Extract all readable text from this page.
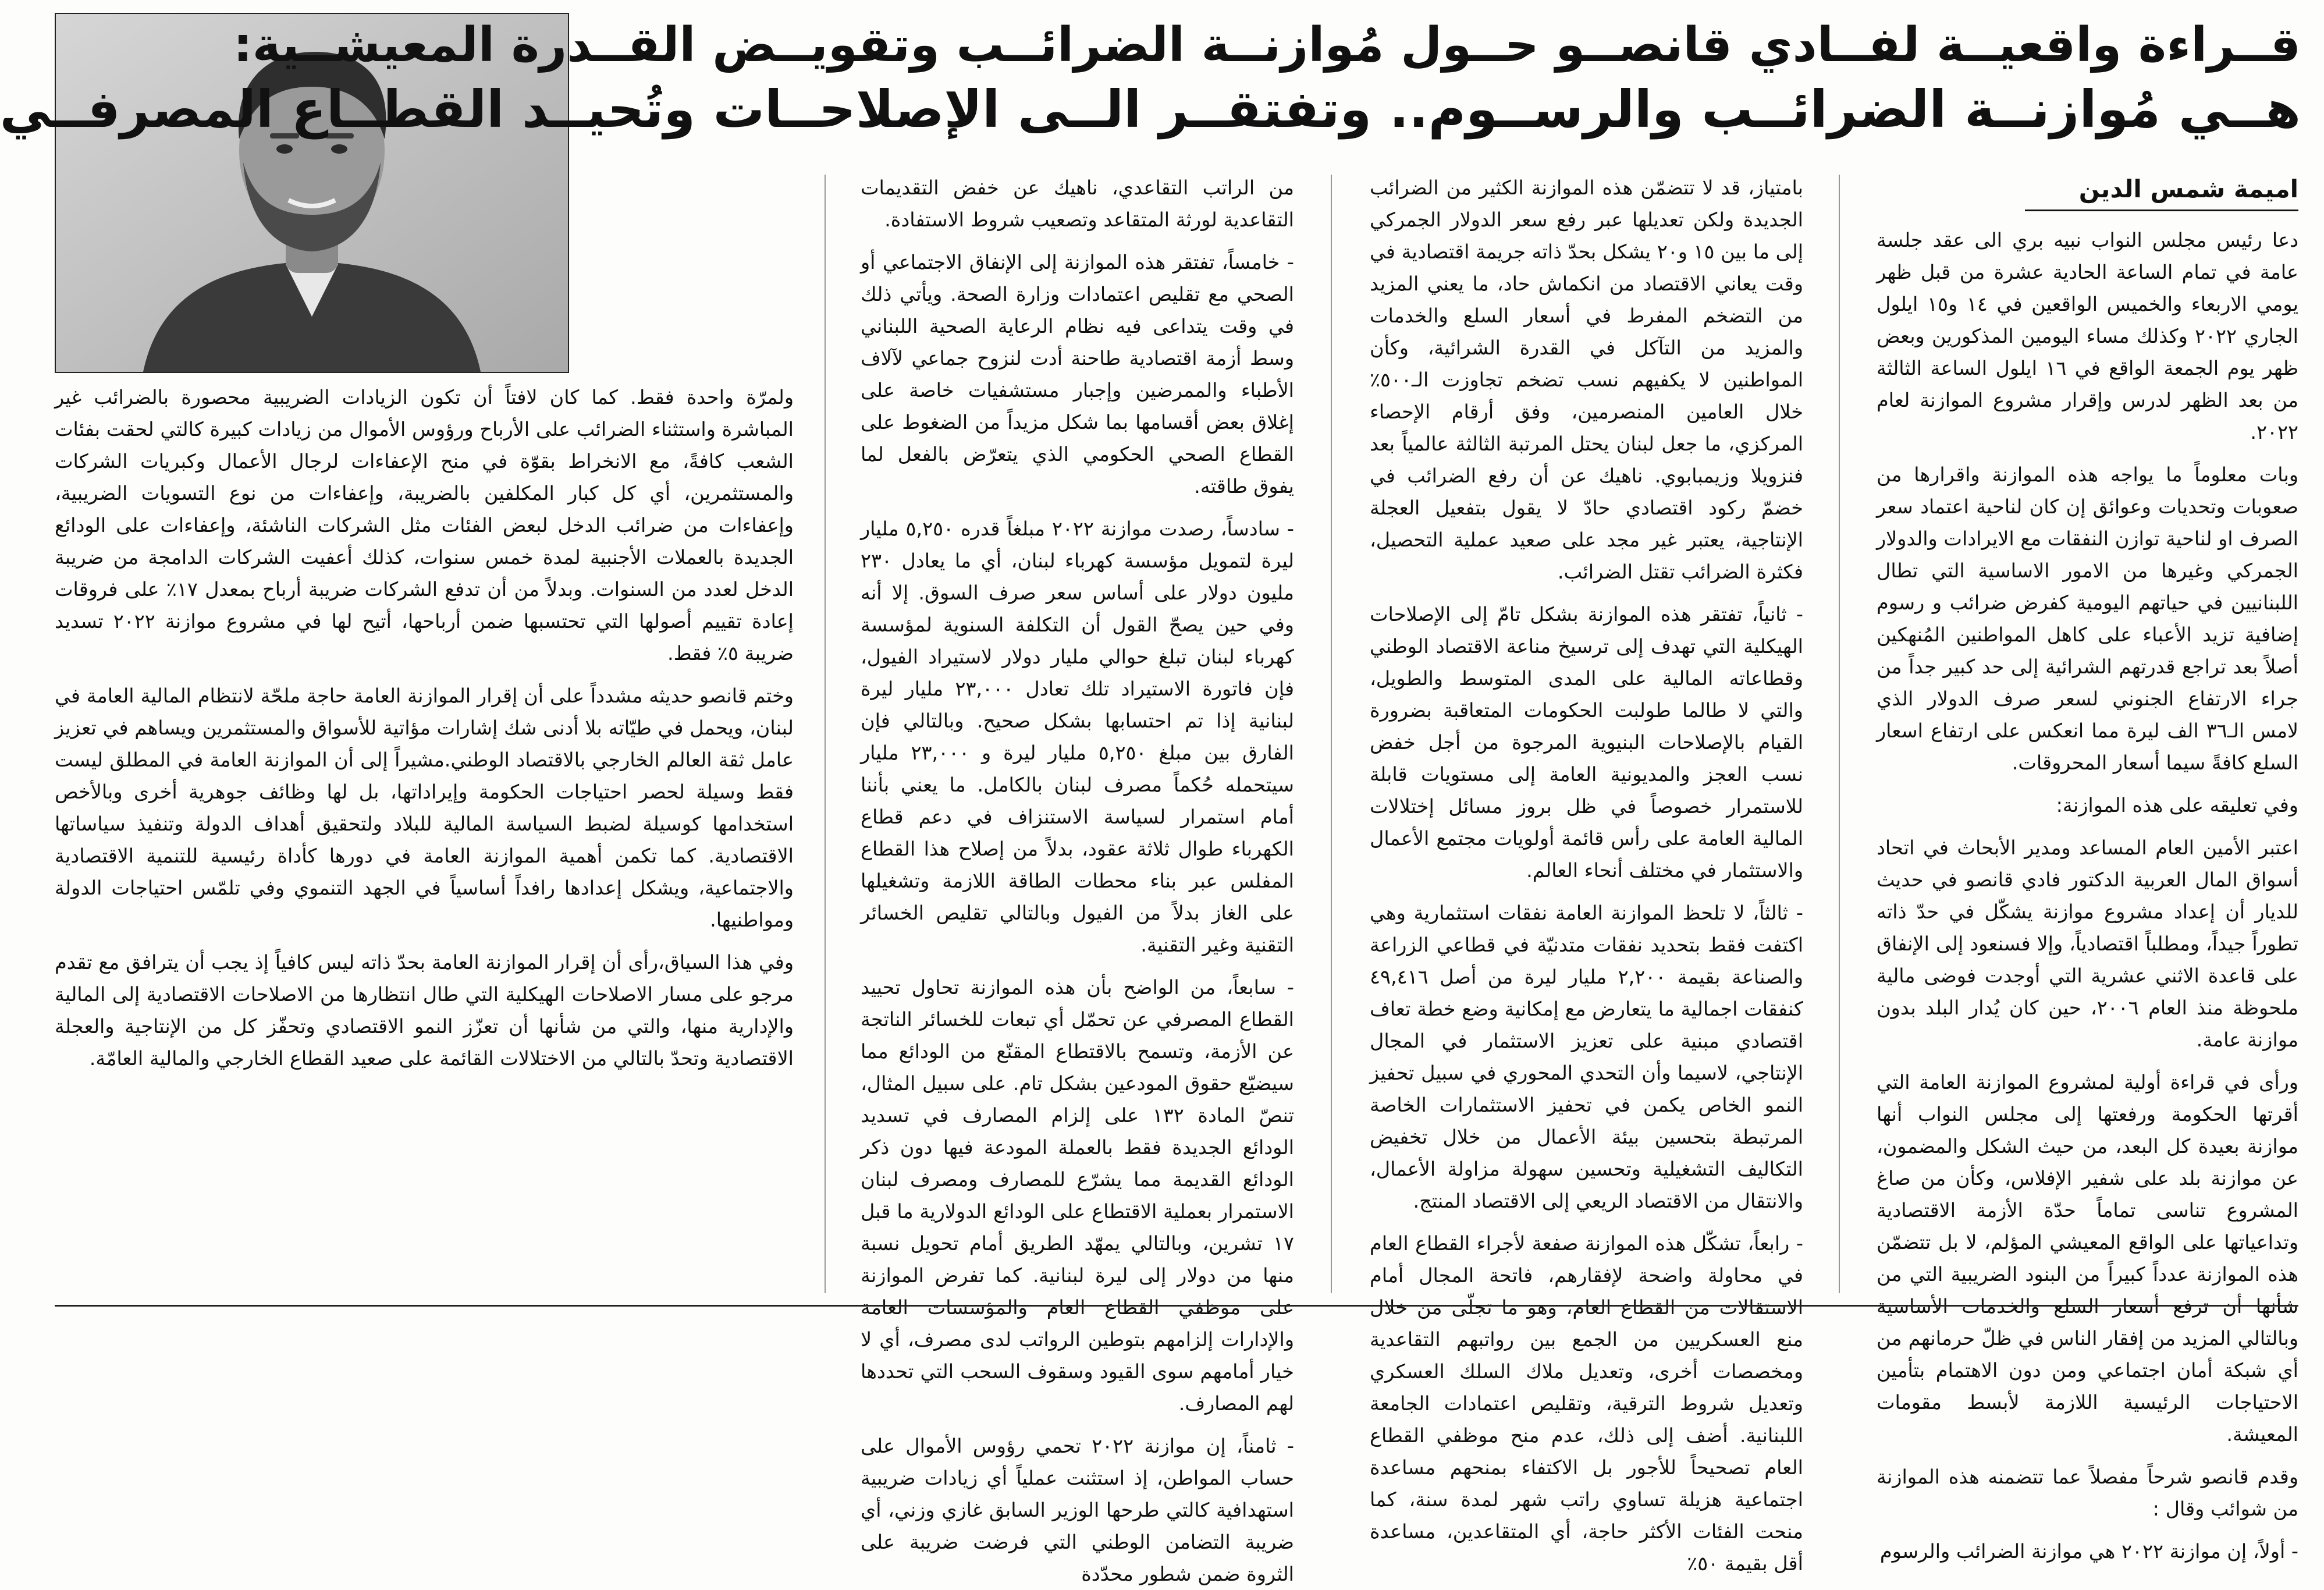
قــراءة واقعيــة لفــادي قانصــو حــول مُوازنــة الضرائــب وتقويــض القــدرة المعيشــية:
هــي مُوازنــة الضرائــب والرســوم.. وتفتقــر الــى الإصلاحــات وتُحيــد القطــاع المصرفــي
اميمة شمس الدين

دعا رئيس مجلس النواب نبيه بري الى عقد جلسة عامة في تمام الساعة الحادية عشرة من قبل ظهر يومي الاربعاء والخميس الواقعين في ١٤ و١٥ ايلول الجاري ٢٠٢٢ وكذلك مساء اليومين المذكورين وبعض ظهر يوم الجمعة الواقع في ١٦ ايلول الساعة الثالثة من بعد الظهر لدرس وإقرار مشروع الموازنة لعام ٢٠٢٢.

وبات معلوماً ما يواجه هذه الموازنة واقرارها من صعوبات وتحديات وعوائق إن كان لناحية اعتماد سعر الصرف او لناحية توازن النفقات مع الايرادات والدولار الجمركي وغيرها من الامور الاساسية التي تطال اللبنانيين في حياتهم اليومية كفرض ضرائب و رسوم إضافية تزيد الأعباء على كاهل المواطنين المُنهكين أصلاً بعد تراجع قدرتهم الشرائية إلى حد كبير جداً من جراء الارتفاع الجنوني لسعر صرف الدولار الذي لامس الـ٣٦ الف ليرة مما انعكس على ارتفاع اسعار السلع كافةً سيما أسعار المحروقات.

وفي تعليقه على هذه الموازنة:

اعتبر الأمين العام المساعد ومدير الأبحاث في اتحاد أسواق المال العربية الدكتور فادي قانصو في حديث للديار أن إعداد مشروع موازنة يشكّل في حدّ ذاته تطوراً جيداً، ومطلباً اقتصادياً، وإلا فسنعود إلى الإنفاق على قاعدة الاثني عشرية التي أوجدت فوضى مالية ملحوظة منذ العام ٢٠٠٦، حين كان يُدار البلد بدون موازنة عامة.

ورأى في قراءة أولية لمشروع الموازنة العامة التي أقرتها الحكومة ورفعتها إلى مجلس النواب أنها موازنة بعيدة كل البعد، من حيث الشكل والمضمون، عن موازنة بلد على شفير الإفلاس، وكأن من صاغ المشروع تناسى تماماً حدّة الأزمة الاقتصادية وتداعياتها على الواقع المعيشي المؤلم، لا بل تتضمّن هذه الموازنة عدداً كبيراً من البنود الضريبية التي من شأنها أن ترفع أسعار السلع والخدمات الأساسية وبالتالي المزيد من إفقار الناس في ظلّ حرمانهم من أي شبكة أمان اجتماعي ومن دون الاهتمام بتأمين الاحتياجات الرئيسية اللازمة لأبسط مقومات المعيشة.

وقدم قانصو شرحاً مفصلاً عما تتضمنه هذه الموازنة من شوائب وقال :

- أولاً، إن موازنة ٢٠٢٢ هي موازنة الضرائب والرسوم

بامتياز، قد لا تتضمّن هذه الموازنة الكثير من الضرائب الجديدة ولكن تعديلها عبر رفع سعر الدولار الجمركي إلى ما بين ١٥ و٢٠ يشكل بحدّ ذاته جريمة اقتصادية في وقت يعاني الاقتصاد من انكماش حاد، ما يعني المزيد من التضخم المفرط في أسعار السلع والخدمات والمزيد من التآكل في القدرة الشرائية، وكأن المواطنين لا يكفيهم نسب تضخم تجاوزت الـ٥٠٠٪ خلال العامين المنصرمين، وفق أرقام الإحصاء المركزي، ما جعل لبنان يحتل المرتبة الثالثة عالمياً بعد فنزويلا وزيمبابوي. ناهيك عن أن رفع الضرائب في خضمّ ركود اقتصادي حادّ لا يقول بتفعيل العجلة الإنتاجية، يعتبر غير مجد على صعيد عملية التحصيل، فكثرة الضرائب تقتل الضرائب.

- ثانياً، تفتقر هذه الموازنة بشكل تامّ إلى الإصلاحات الهيكلية التي تهدف إلى ترسيخ مناعة الاقتصاد الوطني وقطاعاته المالية على المدى المتوسط والطويل، والتي لا طالما طولبت الحكومات المتعاقبة بضرورة القيام بالإصلاحات البنيوية المرجوة من أجل خفض نسب العجز والمديونية العامة إلى مستويات قابلة للاستمرار خصوصاً في ظل بروز مسائل إختلالات المالية العامة على رأس قائمة أولويات مجتمع الأعمال والاستثمار في مختلف أنحاء العالم.

- ثالثاً، لا تلحظ الموازنة العامة نفقات استثمارية وهي اكتفت فقط بتحديد نفقات متدنيّة في قطاعي الزراعة والصناعة بقيمة ٢,٢٠٠ مليار ليرة من أصل ٤٩,٤١٦ كنفقات اجمالية ما يتعارض مع إمكانية وضع خطة تعاف اقتصادي مبنية على تعزيز الاستثمار في المجال الإنتاجي، لاسيما وأن التحدي المحوري في سبيل تحفيز النمو الخاص يكمن في تحفيز الاستثمارات الخاصة المرتبطة بتحسين بيئة الأعمال من خلال تخفيض التكاليف التشغيلية وتحسين سهولة مزاولة الأعمال، والانتقال من الاقتصاد الريعي إلى الاقتصاد المنتج.

- رابعاً، تشكّل هذه الموازنة صفعة لأجراء القطاع العام في محاولة واضحة لإفقارهم، فاتحة المجال أمام الاستقالات من القطاع العام، وهو ما تجلّى من خلال منع العسكريين من الجمع بين رواتبهم التقاعدية ومخصصات أخرى، وتعديل ملاك السلك العسكري وتعديل شروط الترقية، وتقليص اعتمادات الجامعة اللبنانية. أضف إلى ذلك، عدم منح موظفي القطاع العام تصحيحاً للأجور بل الاكتفاء بمنحهم مساعدة اجتماعية هزيلة تساوي راتب شهر لمدة سنة، كما منحت الفئات الأكثر حاجة، أي المتقاعدين، مساعدة أقل بقيمة ٥٠٪

من الراتب التقاعدي، ناهيك عن خفض التقديمات التقاعدية لورثة المتقاعد وتصعيب شروط الاستفادة.

- خامساً، تفتقر هذه الموازنة إلى الإنفاق الاجتماعي أو الصحي مع تقليص اعتمادات وزارة الصحة. ويأتي ذلك في وقت يتداعى فيه نظام الرعاية الصحية اللبناني وسط أزمة اقتصادية طاحنة أدت لنزوح جماعي لآلاف الأطباء والممرضين وإجبار مستشفيات خاصة على إغلاق بعض أقسامها بما شكل مزيداً من الضغوط على القطاع الصحي الحكومي الذي يتعرّض بالفعل لما يفوق طاقته.

- سادساً، رصدت موازنة ٢٠٢٢ مبلغاً قدره ٥,٢٥٠ مليار ليرة لتمويل مؤسسة كهرباء لبنان، أي ما يعادل ٢٣٠ مليون دولار على أساس سعر صرف السوق. إلا أنه وفي حين يصحّ القول أن التكلفة السنوية لمؤسسة كهرباء لبنان تبلغ حوالي مليار دولار لاستيراد الفيول، فإن فاتورة الاستيراد تلك تعادل ٢٣,٠٠٠ مليار ليرة لبنانية إذا تم احتسابها بشكل صحيح. وبالتالي فإن الفارق بين مبلغ ٥,٢٥٠ مليار ليرة و ٢٣,٠٠٠ مليار سيتحمله حُكماً مصرف لبنان بالكامل. ما يعني بأننا أمام استمرار لسياسة الاستنزاف في دعم قطاع الكهرباء طوال ثلاثة عقود، بدلاً من إصلاح هذا القطاع المفلس عبر بناء محطات الطاقة اللازمة وتشغيلها على الغاز بدلاً من الفيول وبالتالي تقليص الخسائر التقنية وغير التقنية.

- سابعاً، من الواضح بأن هذه الموازنة تحاول تحييد القطاع المصرفي عن تحمّل أي تبعات للخسائر الناتجة عن الأزمة، وتسمح بالاقتطاع المقنّع من الودائع مما سيضيّع حقوق المودعين بشكل تام. على سبيل المثال، تنصّ المادة ١٣٢ على إلزام المصارف في تسديد الودائع الجديدة فقط بالعملة المودعة فيها دون ذكر الودائع القديمة مما يشرّع للمصارف ومصرف لبنان الاستمرار بعملية الاقتطاع على الودائع الدولارية ما قبل ١٧ تشرين، وبالتالي يمهّد الطريق أمام تحويل نسبة منها من دولار إلى ليرة لبنانية. كما تفرض الموازنة على موظفي القطاع العام والمؤسسات العامة والإدارات إلزامهم بتوطين الرواتب لدى مصرف، أي لا خيار أمامهم سوى القيود وسقوف السحب التي تحددها لهم المصارف.

- ثامناً، إن موازنة ٢٠٢٢ تحمي رؤوس الأموال على حساب المواطن، إذ استثنت عملياً أي زيادات ضريبية استهدافية كالتي طرحها الوزير السابق غازي وزني، أي ضريبة التضامن الوطني التي فرضت ضريبة على الثروة ضمن شطور محدّدة

ولمرّة واحدة فقط. كما كان لافتاً أن تكون الزيادات الضريبية محصورة بالضرائب غير المباشرة واستثناء الضرائب على الأرباح ورؤوس الأموال من زيادات كبيرة كالتي لحقت بفئات الشعب كافةً، مع الانخراط بقوّة في منح الإعفاءات لرجال الأعمال وكبريات الشركات والمستثمرين، أي كل كبار المكلفين بالضريبة، وإعفاءات من نوع التسويات الضريبية، وإعفاءات من ضرائب الدخل لبعض الفئات مثل الشركات الناشئة، وإعفاءات على الودائع الجديدة بالعملات الأجنبية لمدة خمس سنوات، كذلك أعفيت الشركات الدامجة من ضريبة الدخل لعدد من السنوات. وبدلاً من أن تدفع الشركات ضريبة أرباح بمعدل ١٧٪ على فروقات إعادة تقييم أصولها التي تحتسبها ضمن أرباحها، أتيح لها في مشروع موازنة ٢٠٢٢ تسديد ضريبة ٥٪ فقط.

وختم قانصو حديثه مشدداً على أن إقرار الموازنة العامة حاجة ملحّة لانتظام المالية العامة في لبنان، ويحمل في طيّاته بلا أدنى شك إشارات مؤاتية للأسواق والمستثمرين ويساهم في تعزيز عامل ثقة العالم الخارجي بالاقتصاد الوطني.مشيراً إلى أن الموازنة العامة في المطلق ليست فقط وسيلة لحصر احتياجات الحكومة وإيراداتها، بل لها وظائف جوهرية أخرى وبالأخص استخدامها كوسيلة لضبط السياسة المالية للبلاد ولتحقيق أهداف الدولة وتنفيذ سياساتها الاقتصادية. كما تكمن أهمية الموازنة العامة في دورها كأداة رئيسية للتنمية الاقتصادية والاجتماعية، ويشكل إعدادها رافداً أساسياً في الجهد التنموي وفي تلمّس احتياجات الدولة ومواطنيها.

وفي هذا السياق،رأى أن إقرار الموازنة العامة بحدّ ذاته ليس كافياً إذ يجب أن يترافق مع تقدم مرجو على مسار الاصلاحات الهيكلية التي طال انتظارها من الاصلاحات الاقتصادية إلى المالية والإدارية منها، والتي من شأنها أن تعزّز النمو الاقتصادي وتحفّز كل من الإنتاجية والعجلة الاقتصادية وتحدّ بالتالي من الاختلالات القائمة على صعيد القطاع الخارجي والمالية العامّة.
